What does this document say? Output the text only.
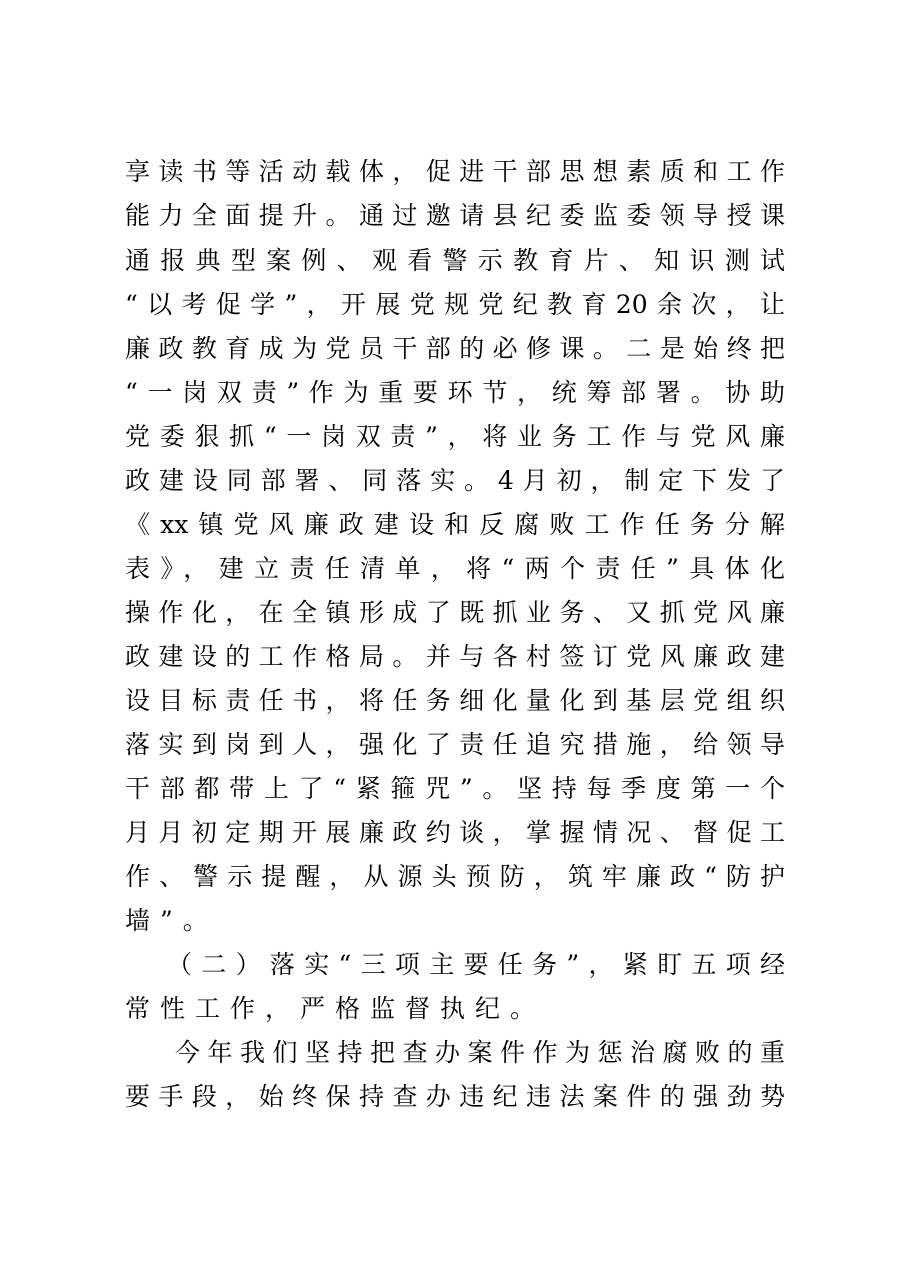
享读书等活动载体，促进干部思想素质和工作
能力全面提升。通过邀请县纪委监委领导授课
通报典型案例、观看警示教育片、知识测试
“以考促学”，开展党规党纪教育20余次，让
廉政教育成为党员干部的必修课。二是始终把
“一岗双责”作为重要环节，统筹部署。协助
党委狠抓“一岗双责”，将业务工作与党风廉
政建设同部署、同落实。4月初，制定下发了
《xx镇党风廉政建设和反腐败工作任务分解
表》，建立责任清单，将“两个责任”具体化
操作化，在全镇形成了既抓业务、又抓党风廉
政建设的工作格局。并与各村签订党风廉政建
设目标责任书，将任务细化量化到基层党组织
落实到岗到人，强化了责任追究措施，给领导
干部都带上了“紧箍咒”。坚持每季度第一个
月月初定期开展廉政约谈，掌握情况、督促工
作、警示提醒，从源头预防，筑牢廉政“防护
墙”。
（二）落实“三项主要任务”，紧盯五项经
常性工作，严格监督执纪。
今年我们坚持把查办案件作为惩治腐败的重
要手段，始终保持查办违纪违法案件的强劲势
